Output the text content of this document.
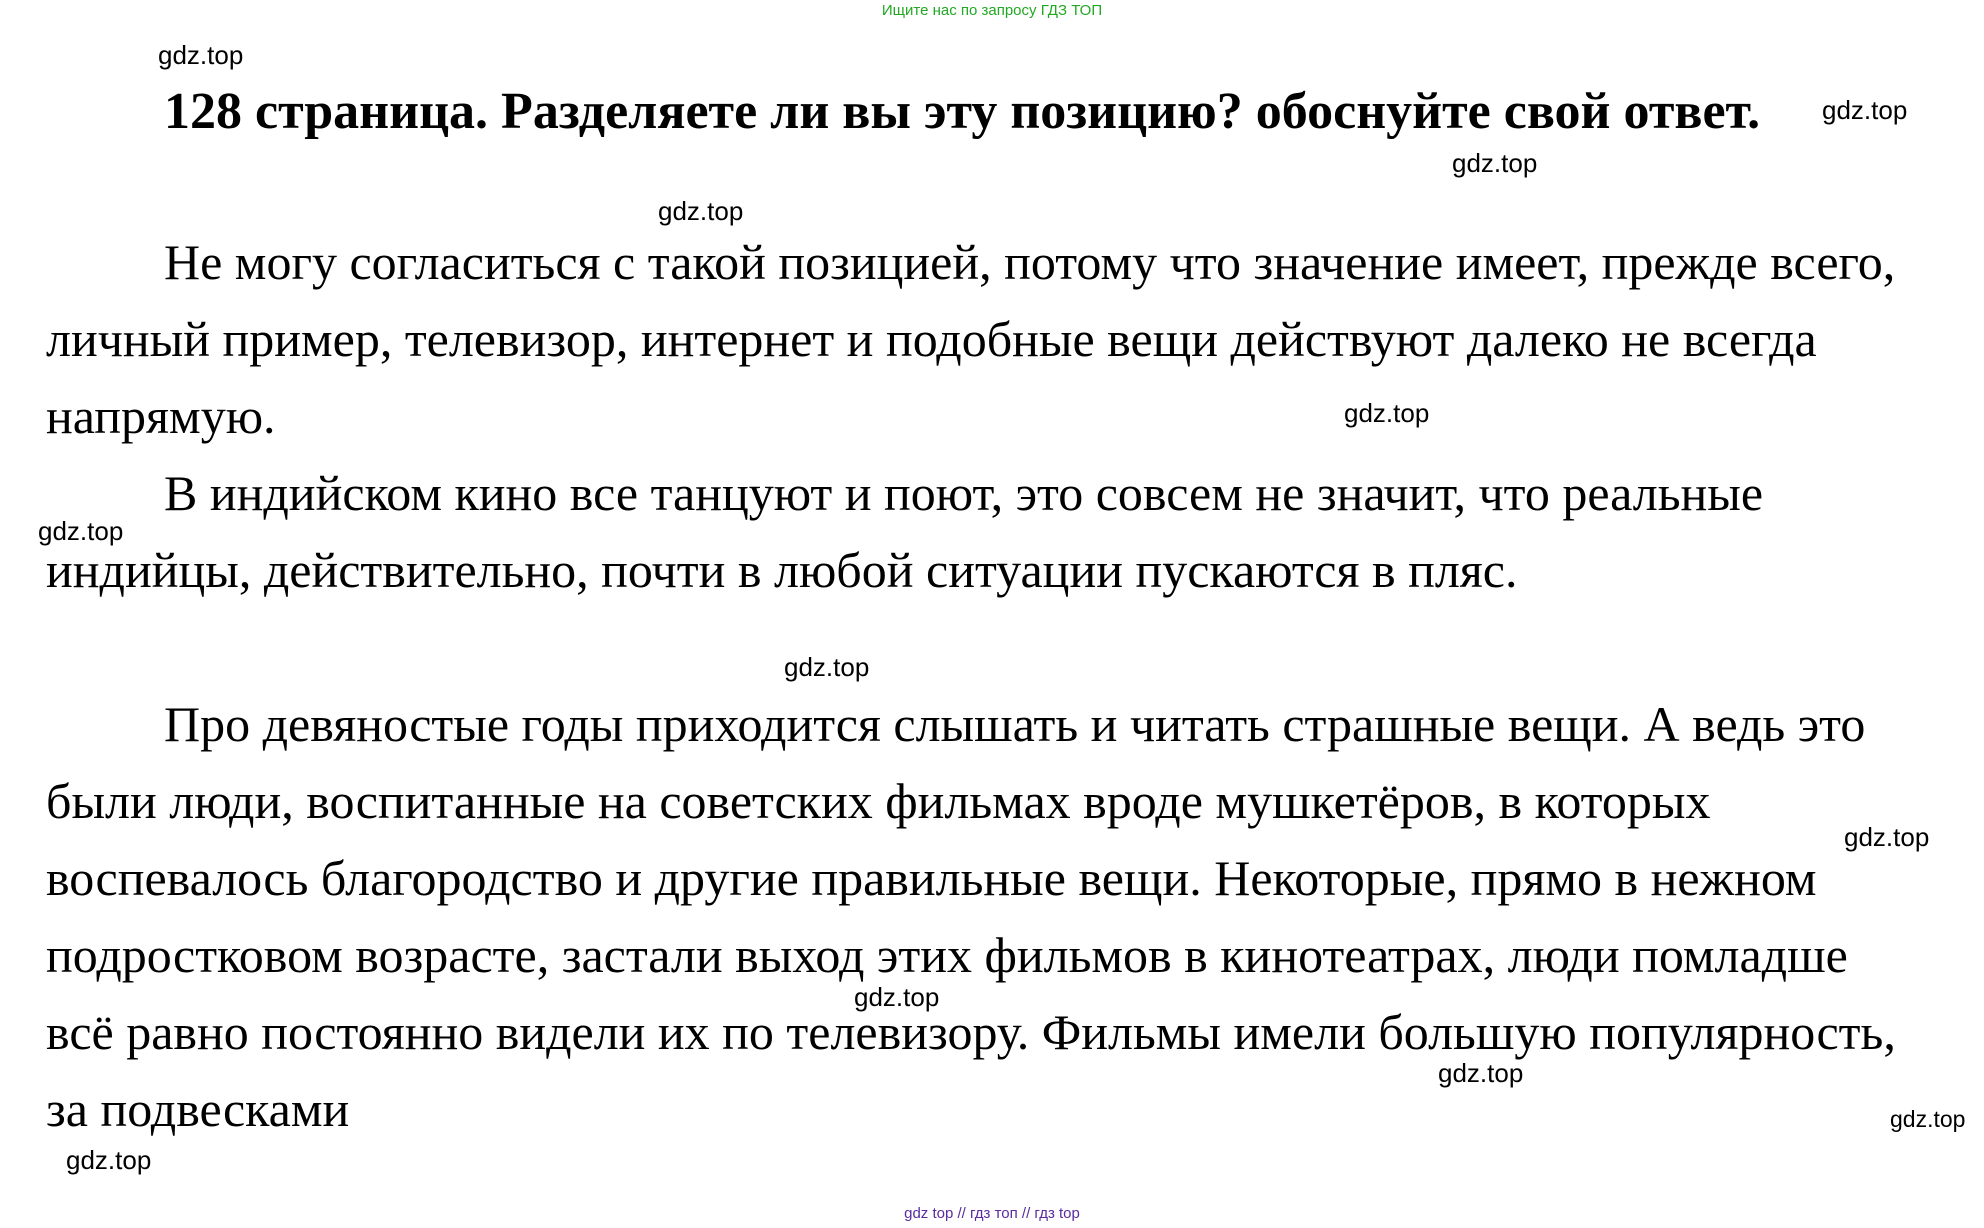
Ищите нас по запросу ГДЗ ТОП

128 страница. Разделяете ли вы эту позицию? обоснуйте свой ответ.

Не могу согласиться с такой позицией, потому что значение имеет, прежде всего, личный пример, телевизор, интернет и подобные вещи действуют далеко не всегда напрямую.

В индийском кино все танцуют и поют, это совсем не значит, что реальные индийцы, действительно, почти в любой ситуации пускаются в пляс.

Про девяностые годы приходится слышать и читать страшные вещи. А ведь это были люди, воспитанные на советских фильмах вроде мушкетёров, в которых воспевалось благородство и другие правильные вещи. Некоторые, прямо в нежном подростковом возрасте, застали выход этих фильмов в кинотеатрах, люди помладше всё равно постоянно видели их по телевизору. Фильмы имели большую популярность, за подвесками

gdz.top
gdz.top
gdz.top
gdz.top
gdz.top
gdz.top
gdz.top
gdz.top
gdz.top
gdz.top
gdz.top
gdz.top
gdz top // гдз топ // гдз top
